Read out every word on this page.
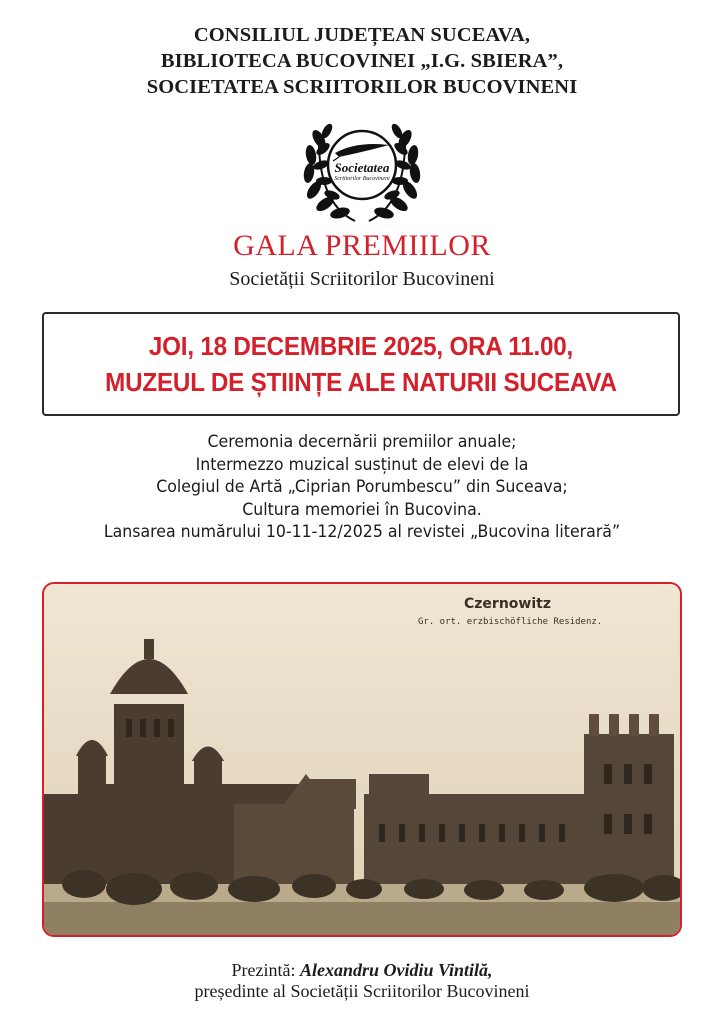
CONSILIUL JUDEȚEAN SUCEAVA,
BIBLIOTECA BUCOVINEI „I.G. SBIERA”,
SOCIETATEA SCRIITORILOR BUCOVINENI
Societatea
Scriitorilor Bucovineni
GALA PREMIILOR
Societății Scriitorilor Bucovineni
JOI, 18 DECEMBRIE 2025, ORA 11.00,
MUZEUL DE ȘTIINȚE ALE NATURII SUCEAVA
Ceremonia decernării premiilor anuale;
Intermezzo muzical susținut de elevi de la
Colegiul de Artă „Ciprian Porumbescu” din Suceava;
Cultura memoriei în Bucovina.
Lansarea numărului 10-11-12/2025 al revistei „Bucovina literară”
Czernowitz
Gr. ort. erzbischöfliche Residenz.
Prezintă: Alexandru Ovidiu Vintilă,
președinte al Societății Scriitorilor Bucovineni
